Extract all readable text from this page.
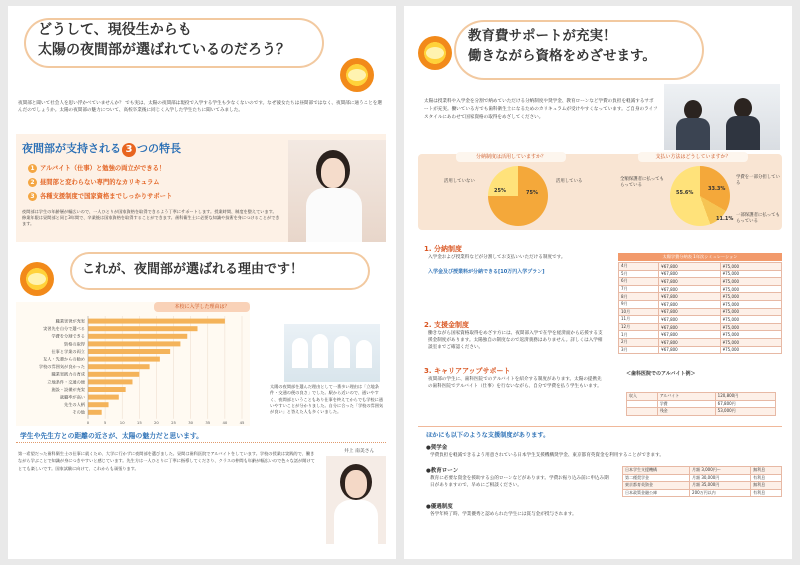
どうして、現役生からも
太陽の夜間部が選ばれているのだろう？
夜間部と聞いて社会人を思い浮かべていませんか？ でも実は、太陽の夜間部は現役で入学する学生も少なくないのです。なぜ彼女たちは昼間部ではなく、夜間部に通うことを選んだのでしょうか。太陽の夜間部の魅力について、高校卒業後に同じく入学した学生たちに聞いてみました。
夜間部が支持される 3 つの特長
1 アルバイト（仕事）と勉強の両立ができる！
2 昼間部と変わらない専門的なカリキュラム
3 各種支援制度で国家資格までしっかりサポート
夜間部は学生の年齢層が幅広いので、一人ひとりが国家資格を取得できるよう丁寧にサポートします。授業時間、制度を整えています。修業年限は昼間部と同じ3年間で、卒業後は国家資格を取得することができます。歯科衛生士に必要な知識や技術を身につけることができます。
これが、夜間部が選ばれる理由です！
職業実習が充実
実習先を自分で選べる
学費を分割できる
資格の取得
仕事と学業の両立
友人・先輩からの勧め
学校の雰囲気が良かった
職業実践力の育成
立地条件・交通の便
施設・設備が充実
就職率が高い
先生の人柄
その他
0	5	10	15	20	25	30	35	40	45
本校に入学した理由は？
太陽の夜間部を選んだ理由として一番多い理由は「立地条件・交通の便の良さ」でした。駅から近いので、通いやすく、夜間部ということもあり仕事を終えてからでも学校に通いやすいことが分かりました。自分に合った「学校の雰囲気が良い」と答えた人も多くいました。
学生や先生方との距離の近さが、太陽の魅力だと思います。
井上 南美さん
第一希望だった歯科衛生士の仕事に就くため、大学に行かずに夜間部を選びました。昼間は歯科医院でアルバイトをしています。学校の授業は実践的で、働きながら学ぶことで知識が身につきやすいと感じています。先生方は一人ひとりに丁寧に指導してくださり、クラスの仲間も年齢が幅広いので色々な話が聞けてとても楽しいです。国家試験に向けて、これからも頑張ります。
教育費サポートが充実！
働きながら資格をめざせます。
太陽は授業料や入学金を分割で納めていただける分納制度や奨学金、教育ローンなど学費の負担を軽減するサポートが充実。働いている方でも歯科衛生士になるためのカリキュラムが受けやすくなっています。ご自身のライフスタイルにあわせて国家資格の取得をめざしてください。
分納制度は活用していますか？	支払い方法はどうしていますか？
活用していない
25%
活用している
75%
全額保護者に払ってもらっている
55.6%
学費を一部分担している
33.3%
一部保護者に払ってもらっている
11.1%
1. 分納制度
入学金および授業料などが分割してお支払いいただける制度です。
入学金及び授業料が分納できる[10万円入学プラン]

2. 支援金制度
働きながら国家資格取得をめざす方には、夜間部入学で在学を経済面から応援する支援金制度があります。太陽独自の制度なので返済義務はありません。詳しくは入学相談室までご確認ください。
3. キャリアアップサポート
夜間部の学生に、歯科医院でのアルバイトを紹介する制度があります。太陽の提携先の歯科医院でアルバイト（仕事）を行ないながら、自分で学費を払う学生もいます。
太陽学費分納表 1年次シミュレーション
4月	¥67,800	¥75,000
5月	¥67,800	¥75,000
6月	¥67,800	¥75,000
7月	¥67,800	¥75,000
8月	¥67,800	¥75,000
9月	¥67,800	¥75,000
10月	¥67,800	¥75,000
11月	¥67,800	¥75,000
12月	¥67,800	¥75,000
1月	¥67,800	¥75,000
2月	¥67,800	¥75,000
3月	¥67,800	¥75,000
＜歯科医院でのアルバイト例＞
収入	アルバイト	120,800円
	学費	67,800円
	残金	53,000円
ほかにも以下のような支援制度があります。
●奨学金
学費負担を軽減できるよう用意されている日本学生支援機構奨学金、東京都育英資金を利用することができます。
●教育ローン
教育に必要な資金を援助する公的ローンなどがあります。学費お振り込み前に申込み期日がありますので、早めにご相談ください。
●優遇制度
各学年終了時、学業優秀と認められた学生には賞与金が授与されます。
日本学生支援機構	月額 3,000円～	無利息
第二種奨学金	月額 30,000円	有利息
東京都育英資金	月額 35,000円	無利息
日本政策金融公庫	200万円以内	有利息
